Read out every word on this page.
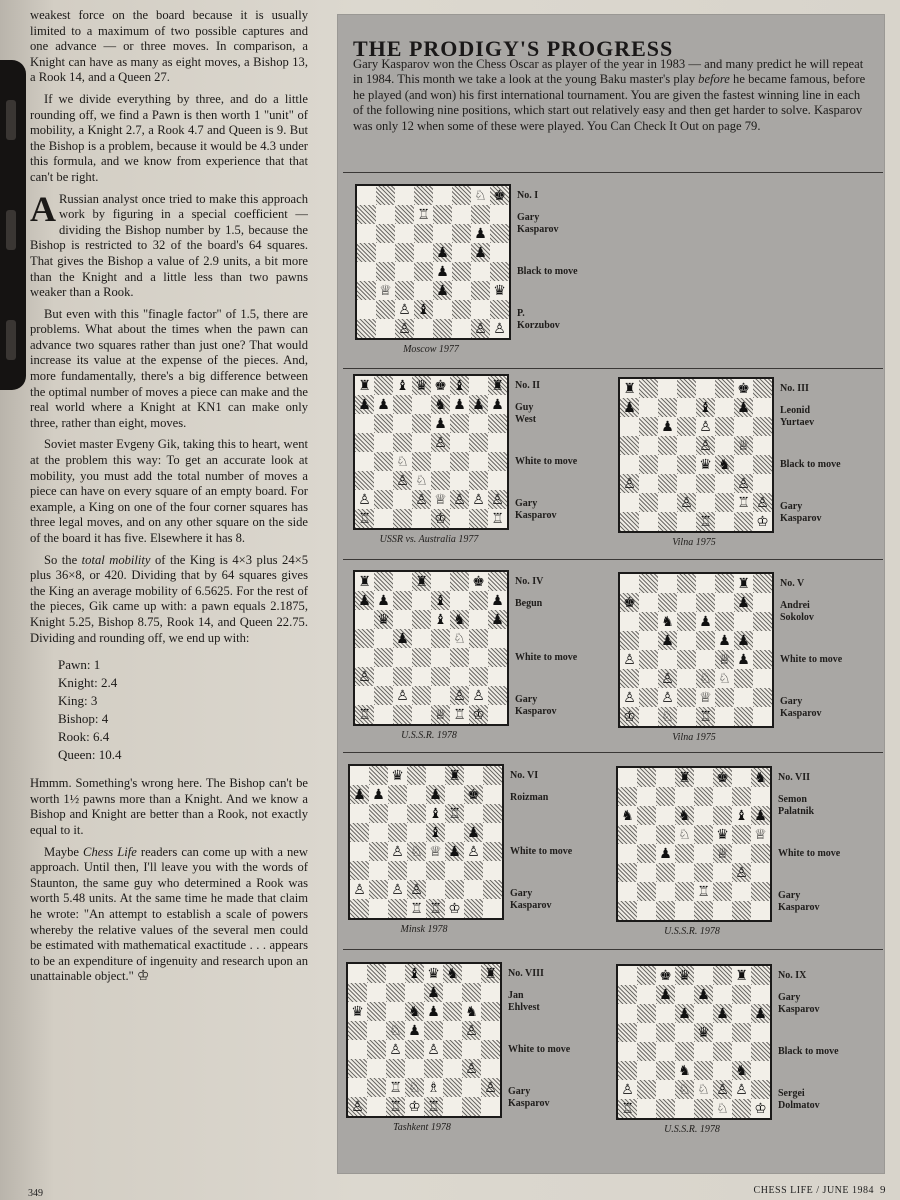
weakest force on the board because it is usually limited to a maximum of two possible captures and one advance — or three moves. In comparison, a Knight can have as many as eight moves, a Bishop 13, a Rook 14, and a Queen 27.

If we divide everything by three, and do a little rounding off, we find a Pawn is then worth 1 "unit" of mobility, a Knight 2.7, a Rook 4.7 and Queen is 9. But the Bishop is a problem, because it would be 4.3 under this formula, and we know from experience that that can't be right.

A Russian analyst once tried to make this approach work by figuring in a special coefficient — dividing the Bishop number by 1.5, because the Bishop is restricted to 32 of the board's 64 squares. That gives the Bishop a value of 2.9 units, a bit more than the Knight and a little less than two pawns weaker than a Rook.

But even with this "finagle factor" of 1.5, there are problems. What about the times when the pawn can advance two squares rather than just one? That would increase its value at the expense of the pieces. And, more fundamentally, there's a big difference between the optimal number of moves a piece can make and the real world where a Knight at KN1 can make only three, rather than eight, moves.

Soviet master Evgeny Gik, taking this to heart, went at the problem this way: To get an accurate look at mobility, you must add the total number of moves a piece can have on every square of an empty board. For example, a King on one of the four corner squares has three legal moves, and on any other square on the side of the board it has five. Elsewhere it has 8.

So the total mobility of the King is 4×3 plus 24×5 plus 36×8, or 420. Dividing that by 64 squares gives the King an average mobility of 6.5625. For the rest of the pieces, Gik came up with: a pawn equals 2.1875, Knight 5.25, Bishop 8.75, Rook 14, and Queen 22.75. Dividing and rounding off, we end up with:

Pawn: 1
Knight: 2.4
King: 3
Bishop: 4
Rook: 6.4
Queen: 10.4

Hmmm. Something's wrong here. The Bishop can't be worth 1½ pawns more than a Knight. And we know a Bishop and Knight are better than a Rook, not exactly equal to it.

Maybe Chess Life readers can come up with a new approach. Until then, I'll leave you with the words of Staunton, the same guy who determined a Rook was worth 5.48 units. At the same time he made that claim he wrote: "An attempt to establish a scale of powers whereby the relative values of the several men could be estimated with mathematical exactitude . . . appears to be an expenditure of ingenuity and research upon an unattainable object." ♔

THE PRODIGY'S PROGRESS
Gary Kasparov won the Chess Oscar as player of the year in 1983 — and many predict he will repeat in 1984. This month we take a look at the young Baku master's play before he became famous, before he played (and won) his first international tournament. You are given the fastest winning line in each of the following nine positions, which start out relatively easy and then get harder to solve. Kasparov was only 12 when some of these were played. You Can Check It Out on page 79.
♘ ♚
♖
♟
♟ ♟
♟
♕	♟	♛
♙ ♝
♙	♙ ♙
No. I
Gary
Kasparov
Black to move
P.
Korzubov
Moscow 1977
♜ ♝ ♛ ♚ ♝ ♜
♟ ♟	♞ ♟ ♟ ♟
♟
♙
♘
♙ ♘
♙	♙ ♕ ♙ ♙ ♙
♖	♔	♖
No. II
Guy
West
White to move
Gary
Kasparov
USSR vs. Australia 1977
♜	♚
♟	♝ ♟
♟ ♙
♙ ♕
♛ ♞
♙	♙
♙	♖ ♙
♖	♔
No. III
Leonid
Yurtaev
Black to move
Gary
Kasparov
Vilna 1975
♜	♜	♚
♟ ♟	♝	♟
♛	♝ ♞ ♟
♟	♘
♙
♙	♙ ♙
♖	♕ ♖ ♔
No. IV
Begun
White to move
Gary
Kasparov
U.S.S.R. 1978
♜
♚	♟
♞ ♟
♟	♟ ♟
♙	♕ ♟
♙ ♘ ♘
♙ ♙ ♕
♔ ♘ ♖
No. V
Andrei
Sokolov
White to move
Gary
Kasparov
Vilna 1975
♛	♜
♟ ♟	♟ ♚
♝ ♖
♝ ♟
♙ ♘ ♕ ♟ ♙
♙ ♙ ♙
♖ ♖ ♔
No. VI
Roizman
White to move
Gary
Kasparov
Minsk 1978
♜ ♚ ♞
♞	♞	♝ ♟
♘ ♛ ♕
♟	♕
♙
♖
No. VII
Semon
Palatnik
White to move
Gary
Kasparov
U.S.S.R. 1978
♝ ♛ ♞ ♜
♟
♛	♞ ♟ ♞
♘ ♟	♙
♙ ♙
♙
♖ ♘ ♗	♙
♙ ♖ ♔ ♖
No. VIII
Jan
Ehlvest
White to move
Gary
Kasparov
Tashkent 1978
♚ ♛	♜
♟ ♟
♟ ♟ ♟
♛
♞	♞
♙	♘ ♘ ♙ ♙
♖	♘ ♔
No. IX
Gary
Kasparov
Black to move
Sergei
Dolmatov
U.S.S.R. 1978
349	CHESS LIFE / JUNE 1984 9
